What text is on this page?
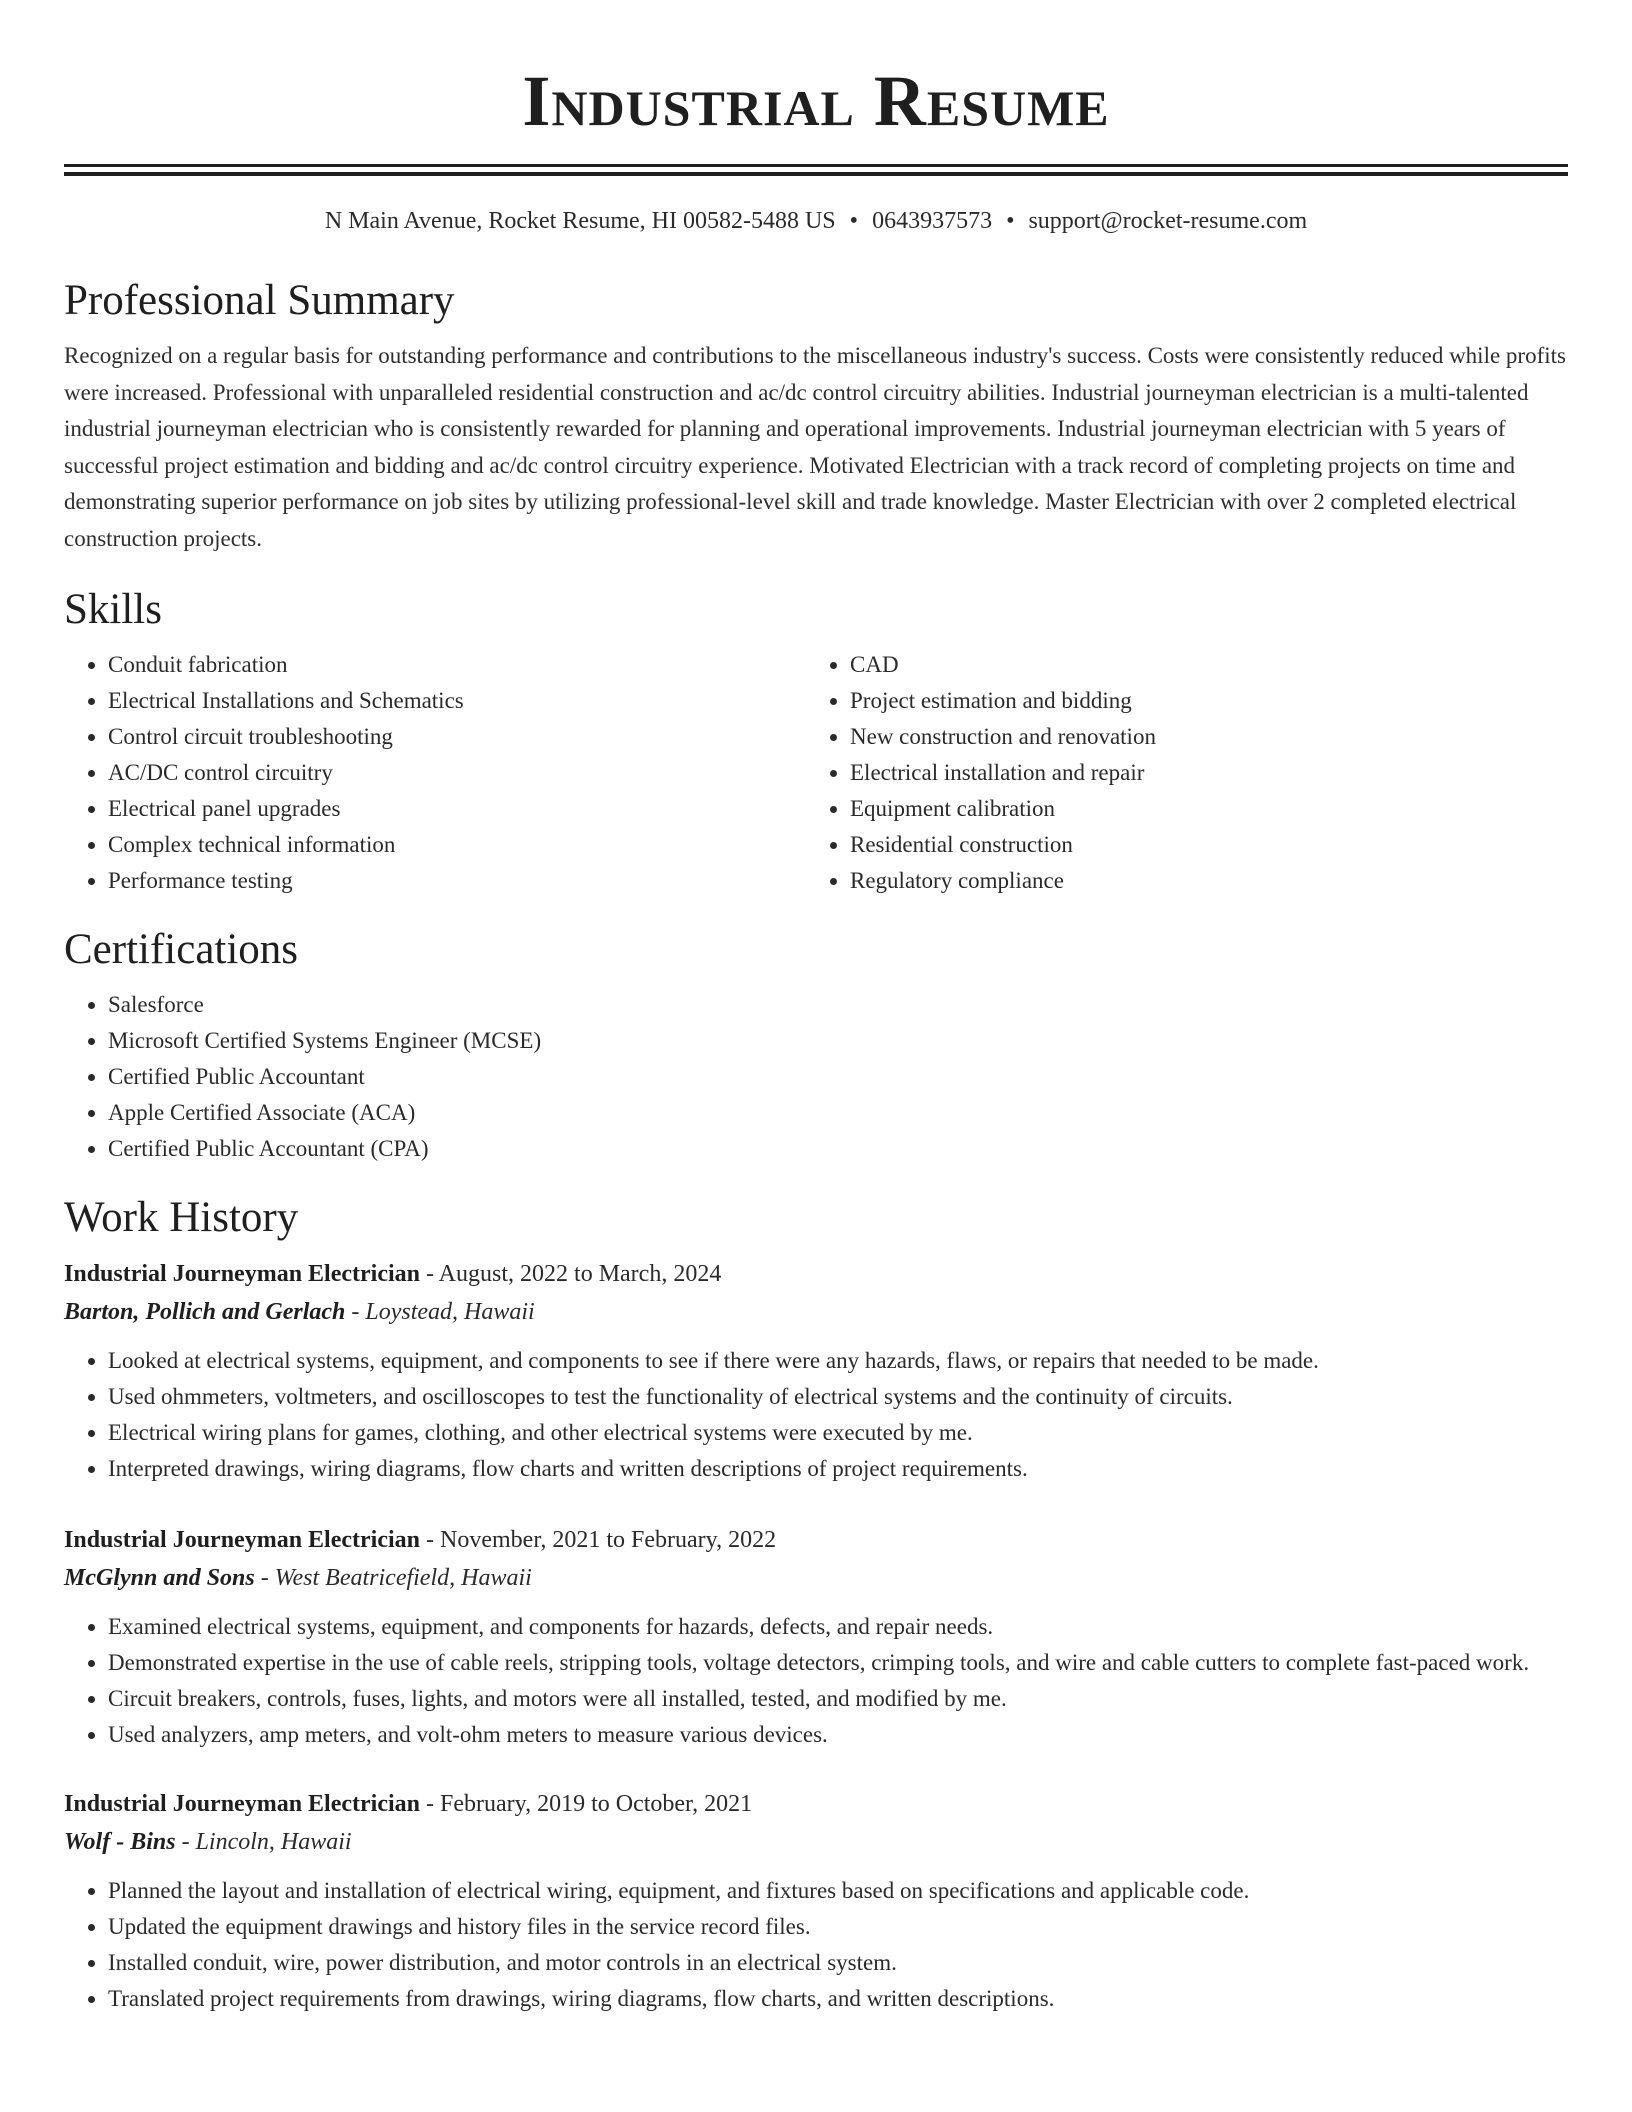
Industrial Resume
N Main Avenue, Rocket Resume, HI 00582-5488 US • 0643937573 • support@rocket-resume.com
Professional Summary

Recognized on a regular basis for outstanding performance and contributions to the miscellaneous industry's success. Costs were consistently reduced while profits were increased. Professional with unparalleled residential construction and ac/dc control circuitry abilities. Industrial journeyman electrician is a multi-talented industrial journeyman electrician who is consistently rewarded for planning and operational improvements. Industrial journeyman electrician with 5 years of successful project estimation and bidding and ac/dc control circuitry experience. Motivated Electrician with a track record of completing projects on time and demonstrating superior performance on job sites by utilizing professional-level skill and trade knowledge. Master Electrician with over 2 completed electrical construction projects.

Skills
• Conduit fabrication
• Electrical Installations and Schematics
• Control circuit troubleshooting
• AC/DC control circuitry
• Electrical panel upgrades
• Complex technical information
• Performance testing
• CAD
• Project estimation and bidding
• New construction and renovation
• Electrical installation and repair
• Equipment calibration
• Residential construction
• Regulatory compliance
Certifications
• Salesforce
• Microsoft Certified Systems Engineer (MCSE)
• Certified Public Accountant
• Apple Certified Associate (ACA)
• Certified Public Accountant (CPA)
Work History
Industrial Journeyman Electrician - August, 2022 to March, 2024
Barton, Pollich and Gerlach - Loystead, Hawaii
• Looked at electrical systems, equipment, and components to see if there were any hazards, flaws, or repairs that needed to be made.
• Used ohmmeters, voltmeters, and oscilloscopes to test the functionality of electrical systems and the continuity of circuits.
• Electrical wiring plans for games, clothing, and other electrical systems were executed by me.
• Interpreted drawings, wiring diagrams, flow charts and written descriptions of project requirements.
Industrial Journeyman Electrician - November, 2021 to February, 2022
McGlynn and Sons - West Beatricefield, Hawaii
• Examined electrical systems, equipment, and components for hazards, defects, and repair needs.
• Demonstrated expertise in the use of cable reels, stripping tools, voltage detectors, crimping tools, and wire and cable cutters to complete fast-paced work.
• Circuit breakers, controls, fuses, lights, and motors were all installed, tested, and modified by me.
• Used analyzers, amp meters, and volt-ohm meters to measure various devices.
Industrial Journeyman Electrician - February, 2019 to October, 2021
Wolf - Bins - Lincoln, Hawaii
• Planned the layout and installation of electrical wiring, equipment, and fixtures based on specifications and applicable code.
• Updated the equipment drawings and history files in the service record files.
• Installed conduit, wire, power distribution, and motor controls in an electrical system.
• Translated project requirements from drawings, wiring diagrams, flow charts, and written descriptions.
